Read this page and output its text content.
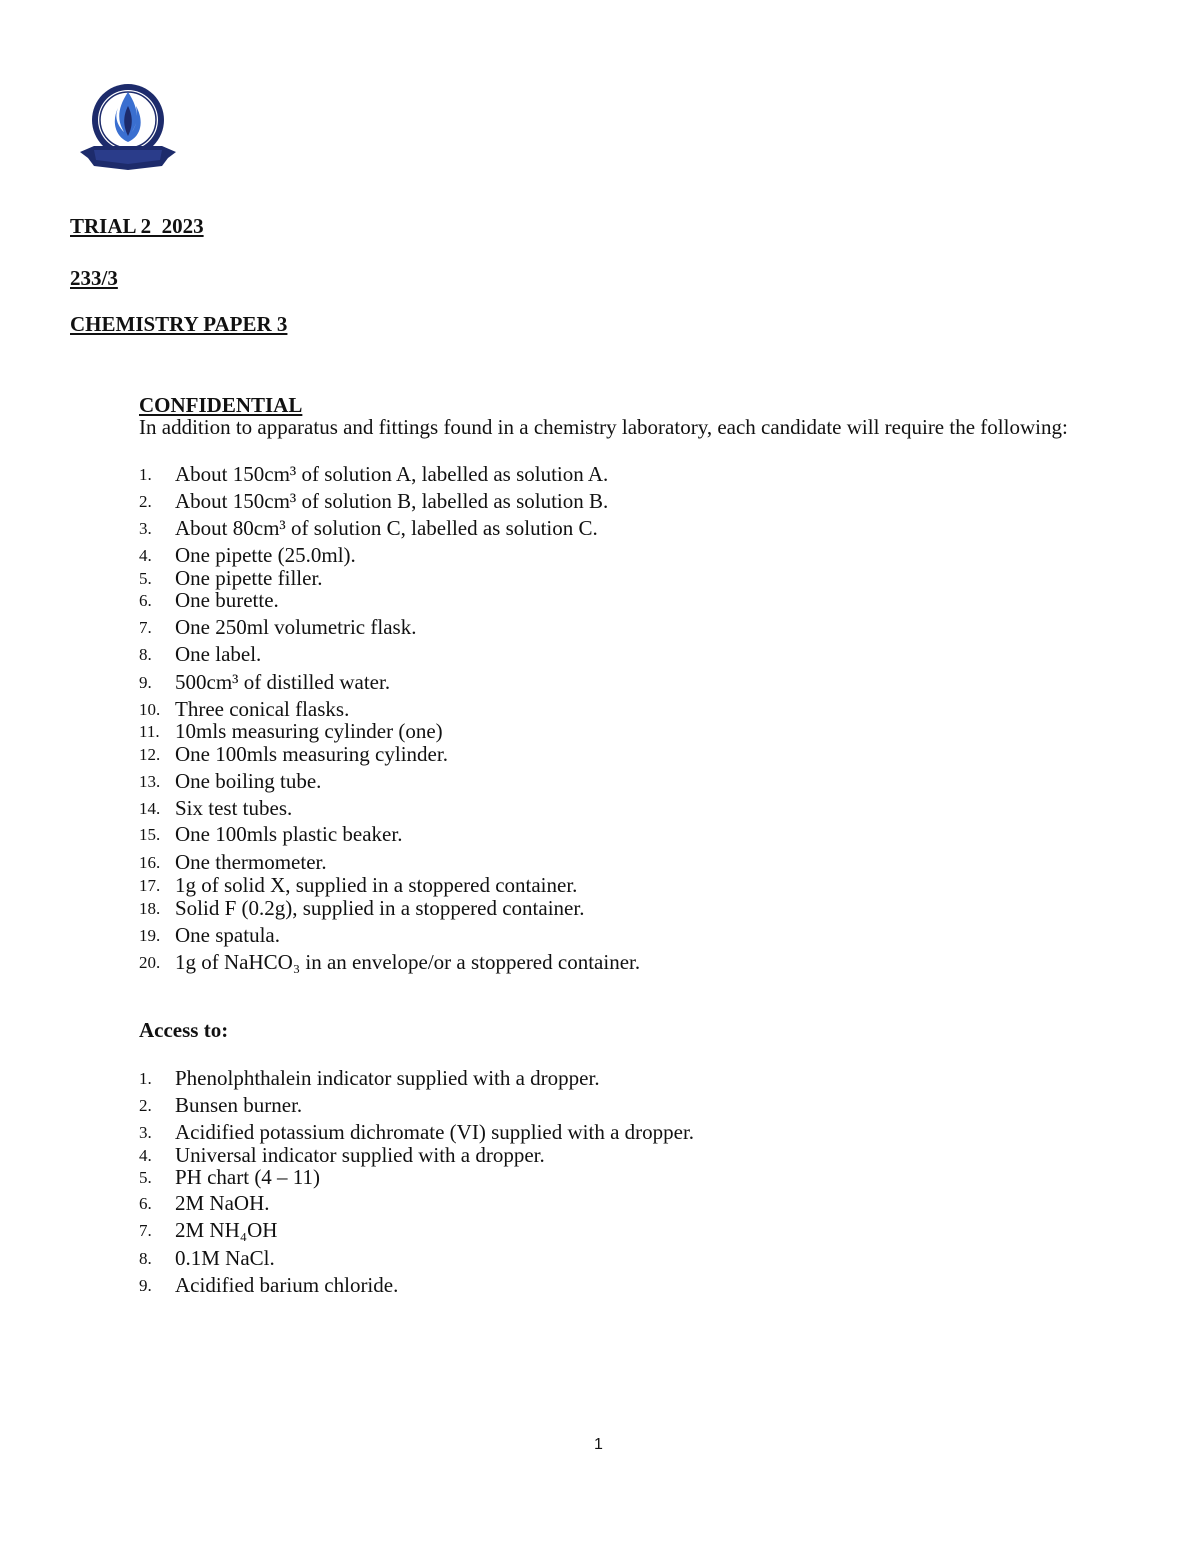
TRIAL 2  2023
233/3
CHEMISTRY PAPER 3
CONFIDENTIAL
In addition to apparatus and fittings found in a chemistry laboratory, each candidate will require the following:
1. About 150cm³ of solution A, labelled as solution A.
2. About 150cm³ of solution B, labelled as solution B.
3. About 80cm³ of solution C, labelled as solution C.
4. One pipette (25.0ml).
5. One pipette filler.
6. One burette.
7. One 250ml volumetric flask.
8. One label.
9. 500cm³ of distilled water.
10. Three conical flasks.
11. 10mls measuring cylinder (one)
12. One 100mls measuring cylinder.
13. One boiling tube.
14. Six test tubes.
15. One 100mls plastic beaker.
16. One thermometer.
17. 1g of solid X, supplied in a stoppered container.
18. Solid F (0.2g), supplied in a stoppered container.
19. One spatula.
20. 1g of NaHCO₃ in an envelope/or a stoppered container.
Access to:
1. Phenolphthalein indicator supplied with a dropper.
2. Bunsen burner.
3. Acidified potassium dichromate (VI) supplied with a dropper.
4. Universal indicator supplied with a dropper.
5. PH chart (4 – 11)
6. 2M NaOH.
7. 2M NH₄OH
8. 0.1M NaCl.
9. Acidified barium chloride.
1
